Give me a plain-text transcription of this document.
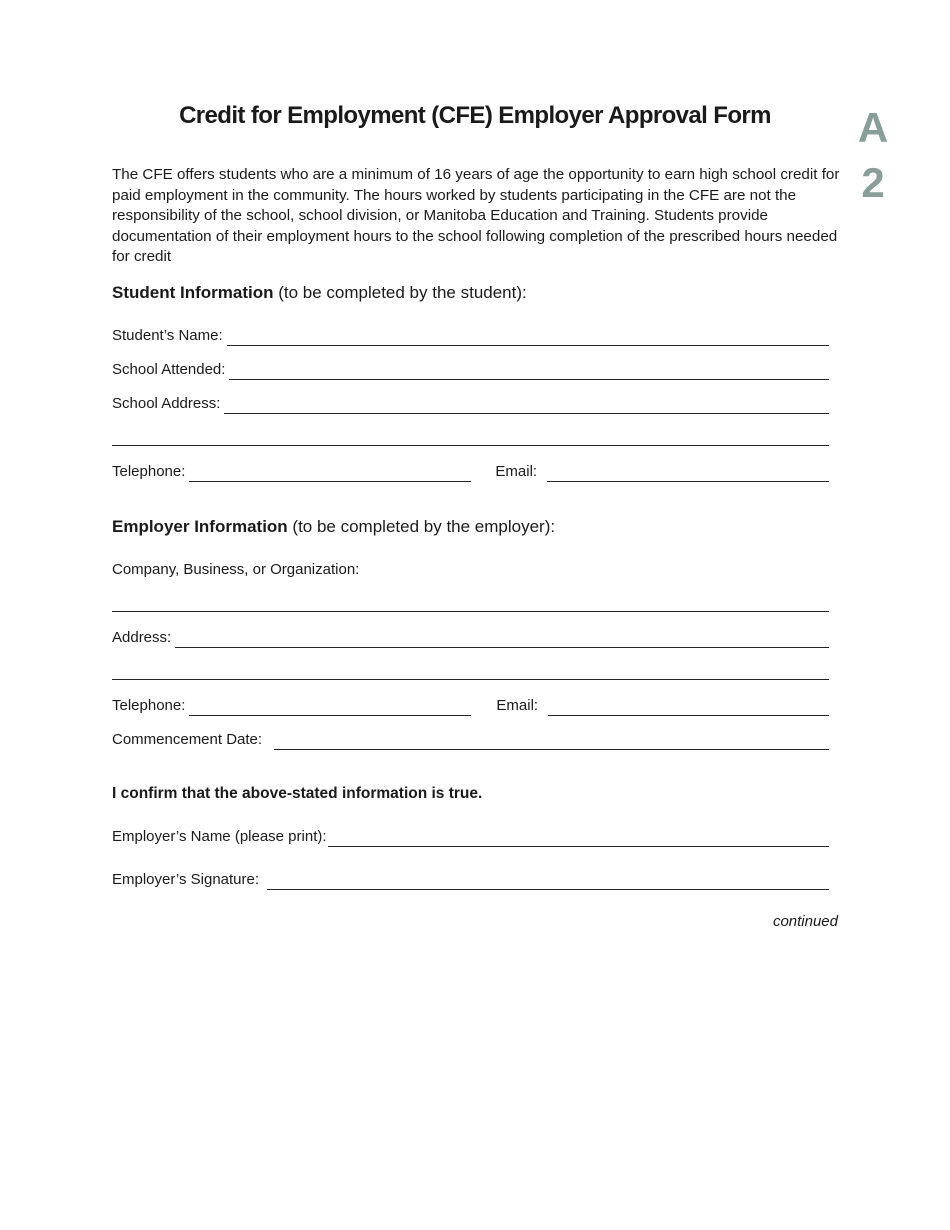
Credit for Employment (CFE) Employer Approval Form	A
2
The CFE offers students who are a minimum of 16 years of age the opportunity to earn high school credit for paid employment in the community. The hours worked by students participating in the CFE are not the responsibility of the school, school division, or Manitoba Education and Training. Students provide documentation of their employment hours to the school following completion of the prescribed hours needed for credit
Student Information (to be completed by the student):
Student’s Name:
School Attended:
School Address:
Telephone:	Email:
Employer Information (to be completed by the employer):
Company, Business, or Organization:
Address:
Telephone:	Email:
Commencement Date:
I confirm that the above-stated information is true.
Employer’s Name (please print):
Employer’s Signature:
continued
